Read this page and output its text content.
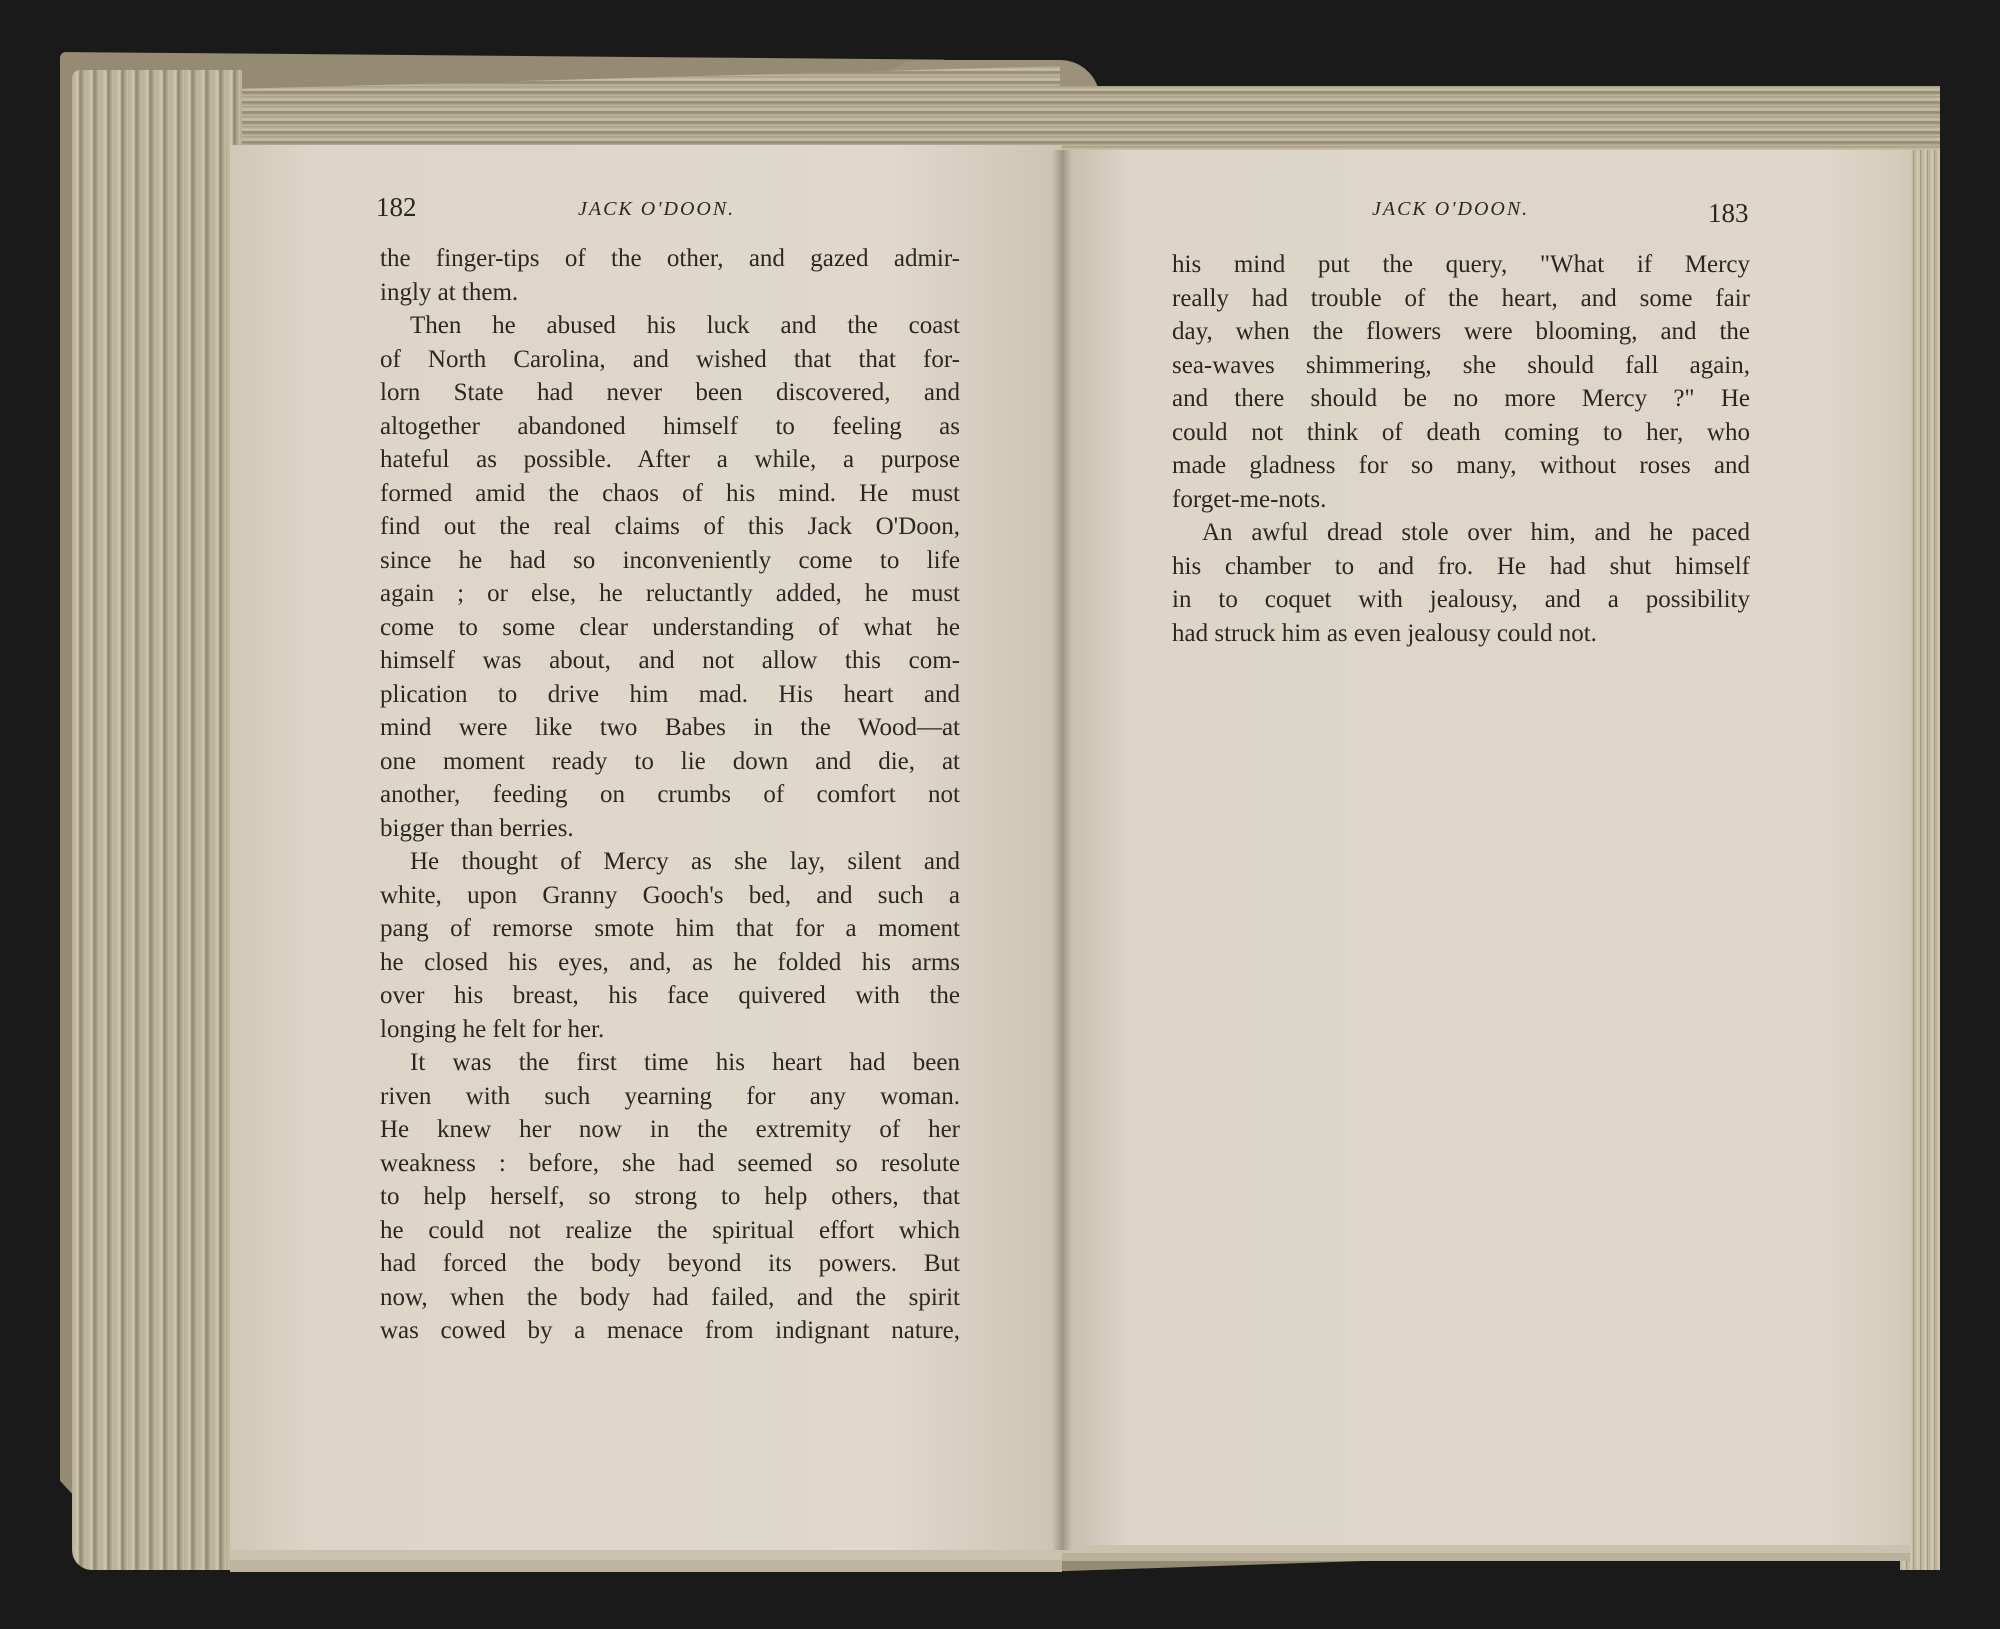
182	JACK O'DOON.	JACK O'DOON.	183
the finger-tips of the other, and gazed admir-
ingly at them.
Then he abused his luck and the coast
of North Carolina, and wished that that for-
lorn State had never been discovered, and
altogether abandoned himself to feeling as
hateful as possible. After a while, a purpose
formed amid the chaos of his mind. He must
find out the real claims of this Jack O'Doon,
since he had so inconveniently come to life
again ; or else, he reluctantly added, he must
come to some clear understanding of what he
himself was about, and not allow this com-
plication to drive him mad. His heart and
mind were like two Babes in the Wood—at
one moment ready to lie down and die, at
another, feeding on crumbs of comfort not
bigger than berries.
He thought of Mercy as she lay, silent and
white, upon Granny Gooch's bed, and such a
pang of remorse smote him that for a moment
he closed his eyes, and, as he folded his arms
over his breast, his face quivered with the
longing he felt for her.
It was the first time his heart had been
riven with such yearning for any woman.
He knew her now in the extremity of her
weakness : before, she had seemed so resolute
to help herself, so strong to help others, that
he could not realize the spiritual effort which
had forced the body beyond its powers. But
now, when the body had failed, and the spirit
was cowed by a menace from indignant nature,
his mind put the query, "What if Mercy
really had trouble of the heart, and some fair
day, when the flowers were blooming, and the
sea-waves shimmering, she should fall again,
and there should be no more Mercy ?" He
could not think of death coming to her, who
made gladness for so many, without roses and
forget-me-nots.
An awful dread stole over him, and he paced
his chamber to and fro. He had shut himself
in to coquet with jealousy, and a possibility
had struck him as even jealousy could not.
